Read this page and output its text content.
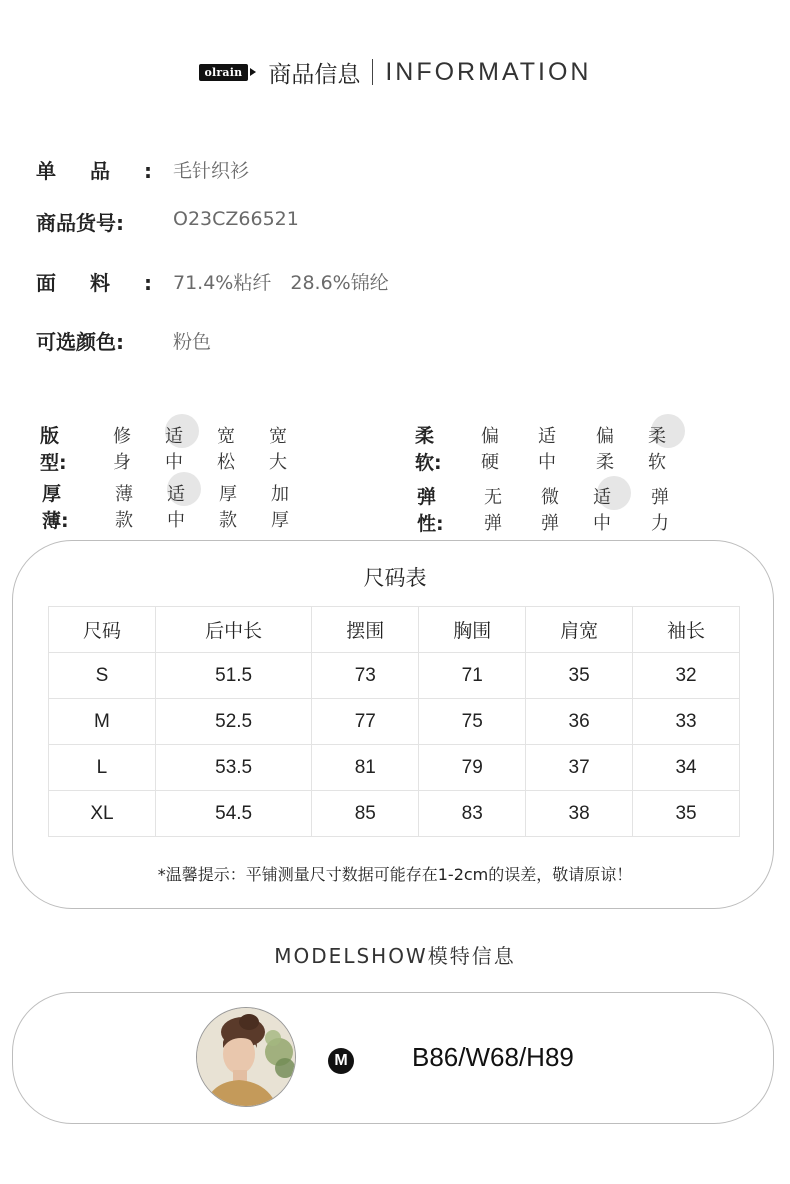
olrain 商品信息 INFORMATION
单品:
毛针织衫
商品货号:	O23CZ66521
面料:
71.4%粘纤　28.6%锦纶
可选颜色:	粉色
版型:
修身
适中
宽松
宽大
柔软:
偏硬
适中
偏柔
柔软
厚薄:
薄款
适中
厚款
加厚
弹性:
无弹
微弹
适中
弹力
尺码表
尺码	后中长	摆围	胸围	肩宽	袖长
S	51.5	73	71	35	32
M	52.5	77	75	36	33
L	53.5	81	79	37	34
XL	54.5	85	83	38	35
*温馨提示：平铺测量尺寸数据可能存在1-2cm的误差，敬请原谅！
MODELSHOW模特信息
M B86/W68/H89
